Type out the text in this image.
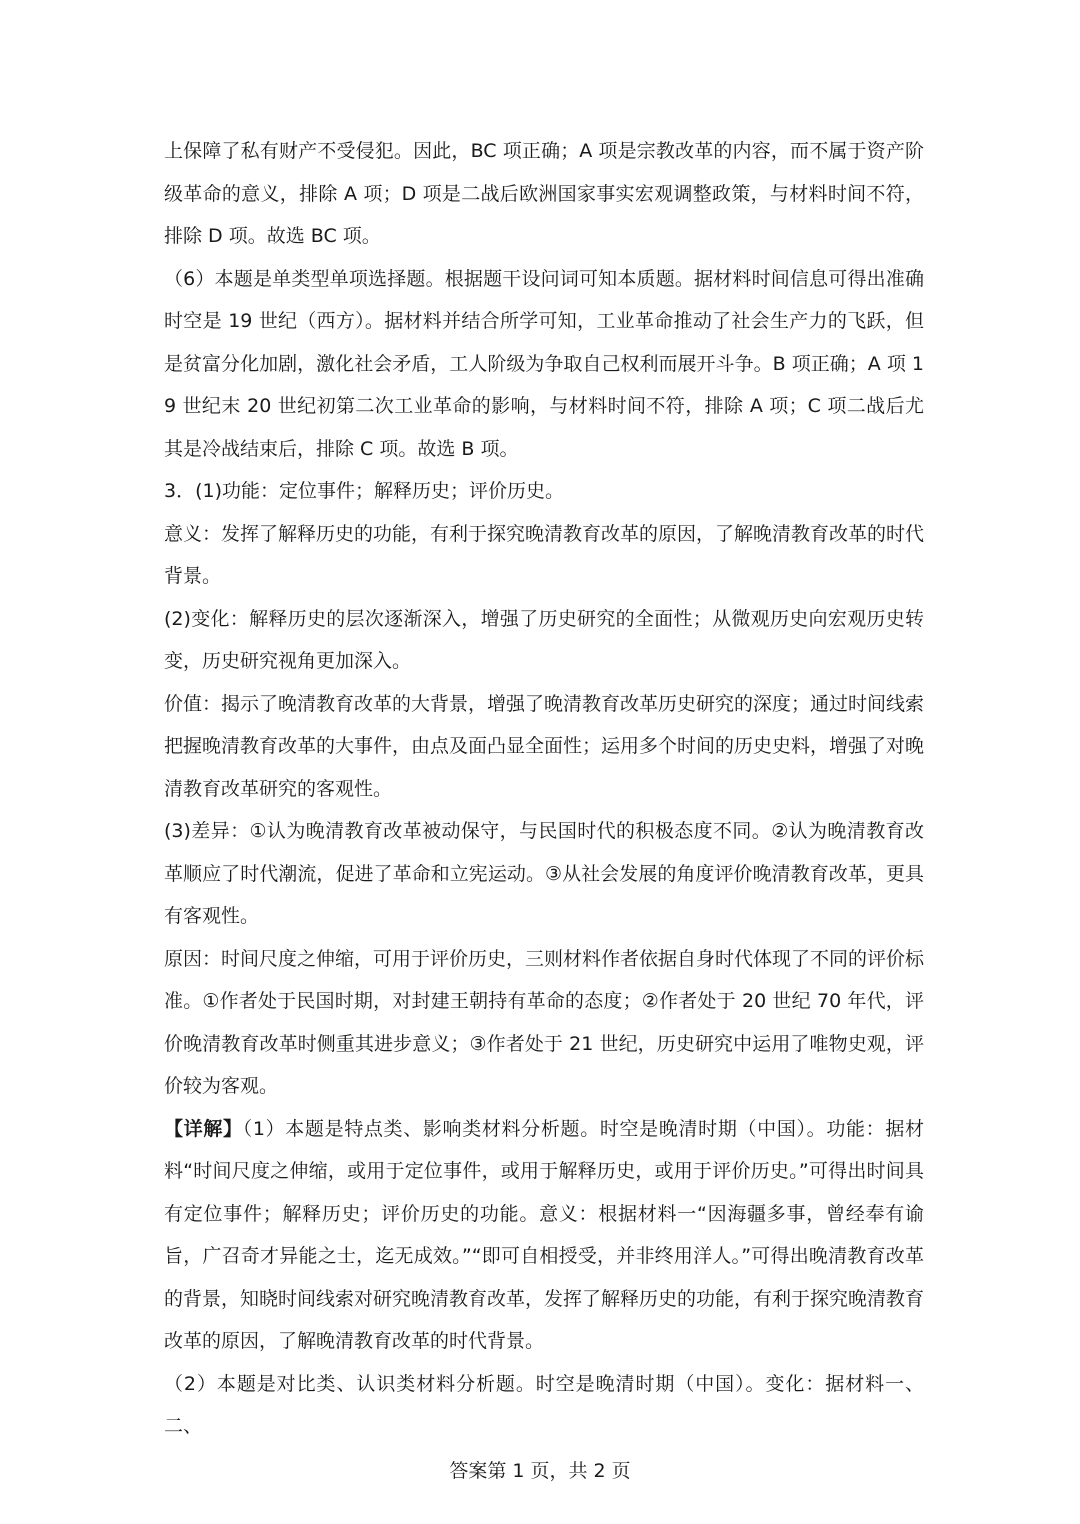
上保障了私有财产不受侵犯。因此，BC 项正确；A 项是宗教改革的内容，而不属于资产阶级革命的意义，排除 A 项；D 项是二战后欧洲国家事实宏观调整政策，与材料时间不符，排除 D 项。故选 BC 项。

（6）本题是单类型单项选择题。根据题干设问词可知本质题。据材料时间信息可得出准确时空是 19 世纪（西方）。据材料并结合所学可知，工业革命推动了社会生产力的飞跃，但是贫富分化加剧，激化社会矛盾，工人阶级为争取自己权利而展开斗争。B 项正确；A 项 19 世纪末 20 世纪初第二次工业革命的影响，与材料时间不符，排除 A 项；C 项二战后尤其是冷战结束后，排除 C 项。故选 B 项。

3．(1)功能：定位事件；解释历史；评价历史。

意义：发挥了解释历史的功能，有利于探究晚清教育改革的原因，了解晚清教育改革的时代背景。

(2)变化：解释历史的层次逐渐深入，增强了历史研究的全面性；从微观历史向宏观历史转变，历史研究视角更加深入。

价值：揭示了晚清教育改革的大背景，增强了晚清教育改革历史研究的深度；通过时间线索把握晚清教育改革的大事件，由点及面凸显全面性；运用多个时间的历史史料，增强了对晚清教育改革研究的客观性。

(3)差异：①认为晚清教育改革被动保守，与民国时代的积极态度不同。②认为晚清教育改革顺应了时代潮流，促进了革命和立宪运动。③从社会发展的角度评价晚清教育改革，更具有客观性。

原因：时间尺度之伸缩，可用于评价历史，三则材料作者依据自身时代体现了不同的评价标准。①作者处于民国时期，对封建王朝持有革命的态度；②作者处于 20 世纪 70 年代，评价晚清教育改革时侧重其进步意义；③作者处于 21 世纪，历史研究中运用了唯物史观，评价较为客观。

【详解】（1）本题是特点类、影响类材料分析题。时空是晚清时期（中国）。功能：据材料“时间尺度之伸缩，或用于定位事件，或用于解释历史，或用于评价历史。”可得出时间具有定位事件；解释历史；评价历史的功能。意义：根据材料一“因海疆多事，曾经奉有谕旨，广召奇才异能之士，迄无成效。”“即可自相授受，并非终用洋人。”可得出晚清教育改革的背景，知晓时间线索对研究晚清教育改革，发挥了解释历史的功能，有利于探究晚清教育改革的原因，了解晚清教育改革的时代背景。

（2）本题是对比类、认识类材料分析题。时空是晚清时期（中国）。变化：据材料一、二、

答案第 1 页，共 2 页
